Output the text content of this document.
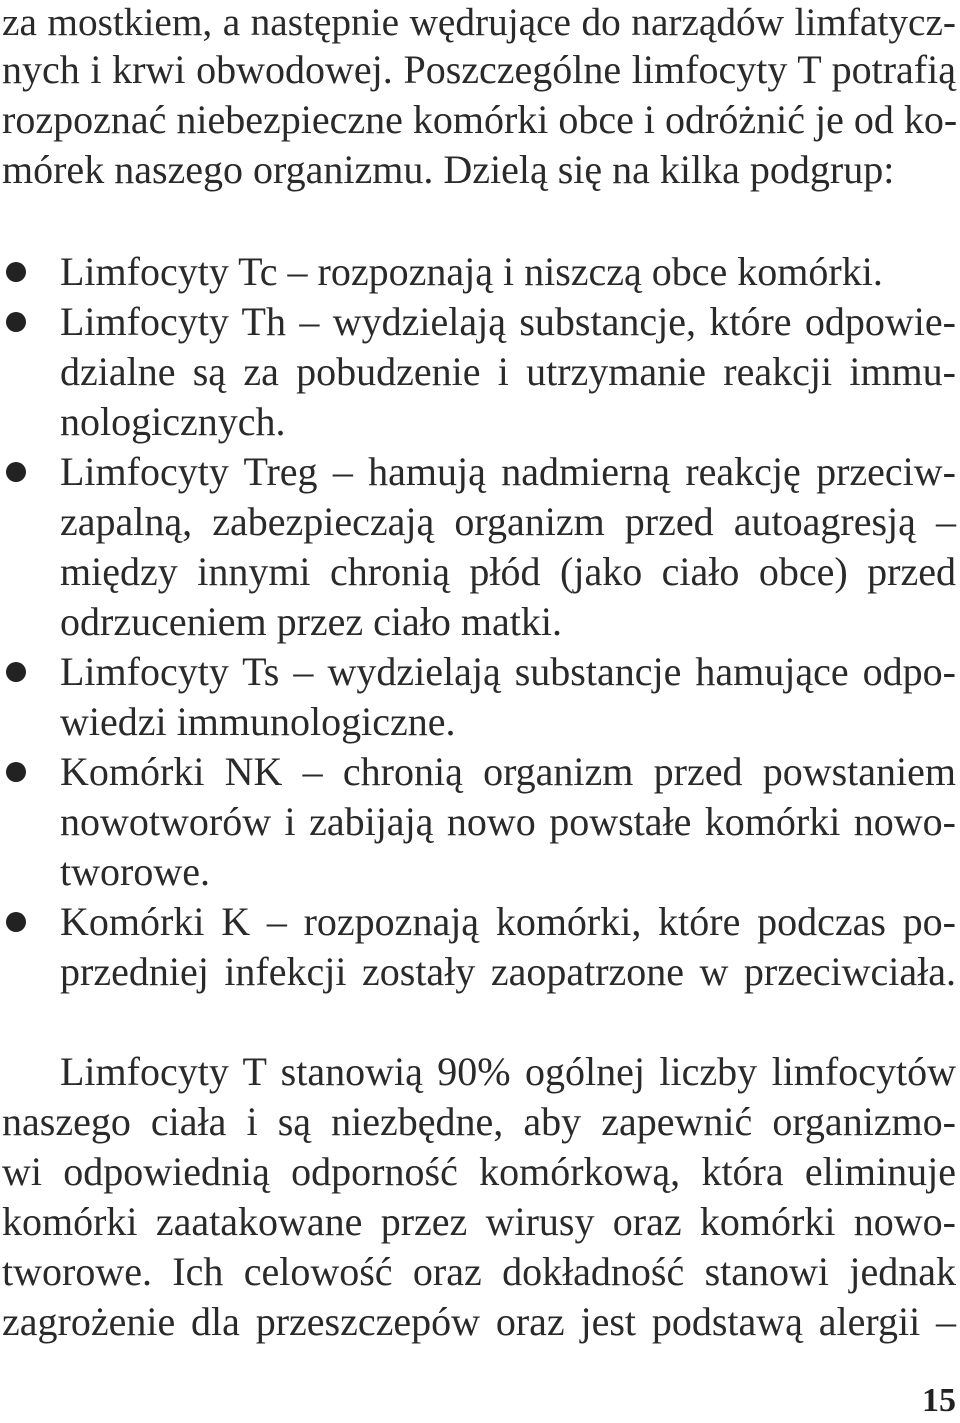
za mostkiem, a następnie wędrujące do narządów limfatycz-
nych i krwi obwodowej. Poszczególne limfocyty T potrafią
rozpoznać niebezpieczne komórki obce i odróżnić je od ko-
mórek naszego organizmu. Dzielą się na kilka podgrup:
Limfocyty Tc – rozpoznają i niszczą obce komórki.
Limfocyty Th – wydzielają substancje, które odpowie-
dzialne są za pobudzenie i utrzymanie reakcji immu-
nologicznych.
Limfocyty Treg – hamują nadmierną reakcję przeciw-
zapalną, zabezpieczają organizm przed autoagresją –
między innymi chronią płód (jako ciało obce) przed
odrzuceniem przez ciało matki.
Limfocyty Ts – wydzielają substancje hamujące odpo-
wiedzi immunologiczne.
Komórki NK – chronią organizm przed powstaniem
nowotworów i zabijają nowo powstałe komórki nowo-
tworowe.
Komórki K – rozpoznają komórki, które podczas po-
przedniej infekcji zostały zaopatrzone w przeciwciała.
Limfocyty T stanowią 90% ogólnej liczby limfocytów
naszego ciała i są niezbędne, aby zapewnić organizmo-
wi odpowiednią odporność komórkową, która eliminuje
komórki zaatakowane przez wirusy oraz komórki nowo-
tworowe. Ich celowość oraz dokładność stanowi jednak
zagrożenie dla przeszczepów oraz jest podstawą alergii –
15
